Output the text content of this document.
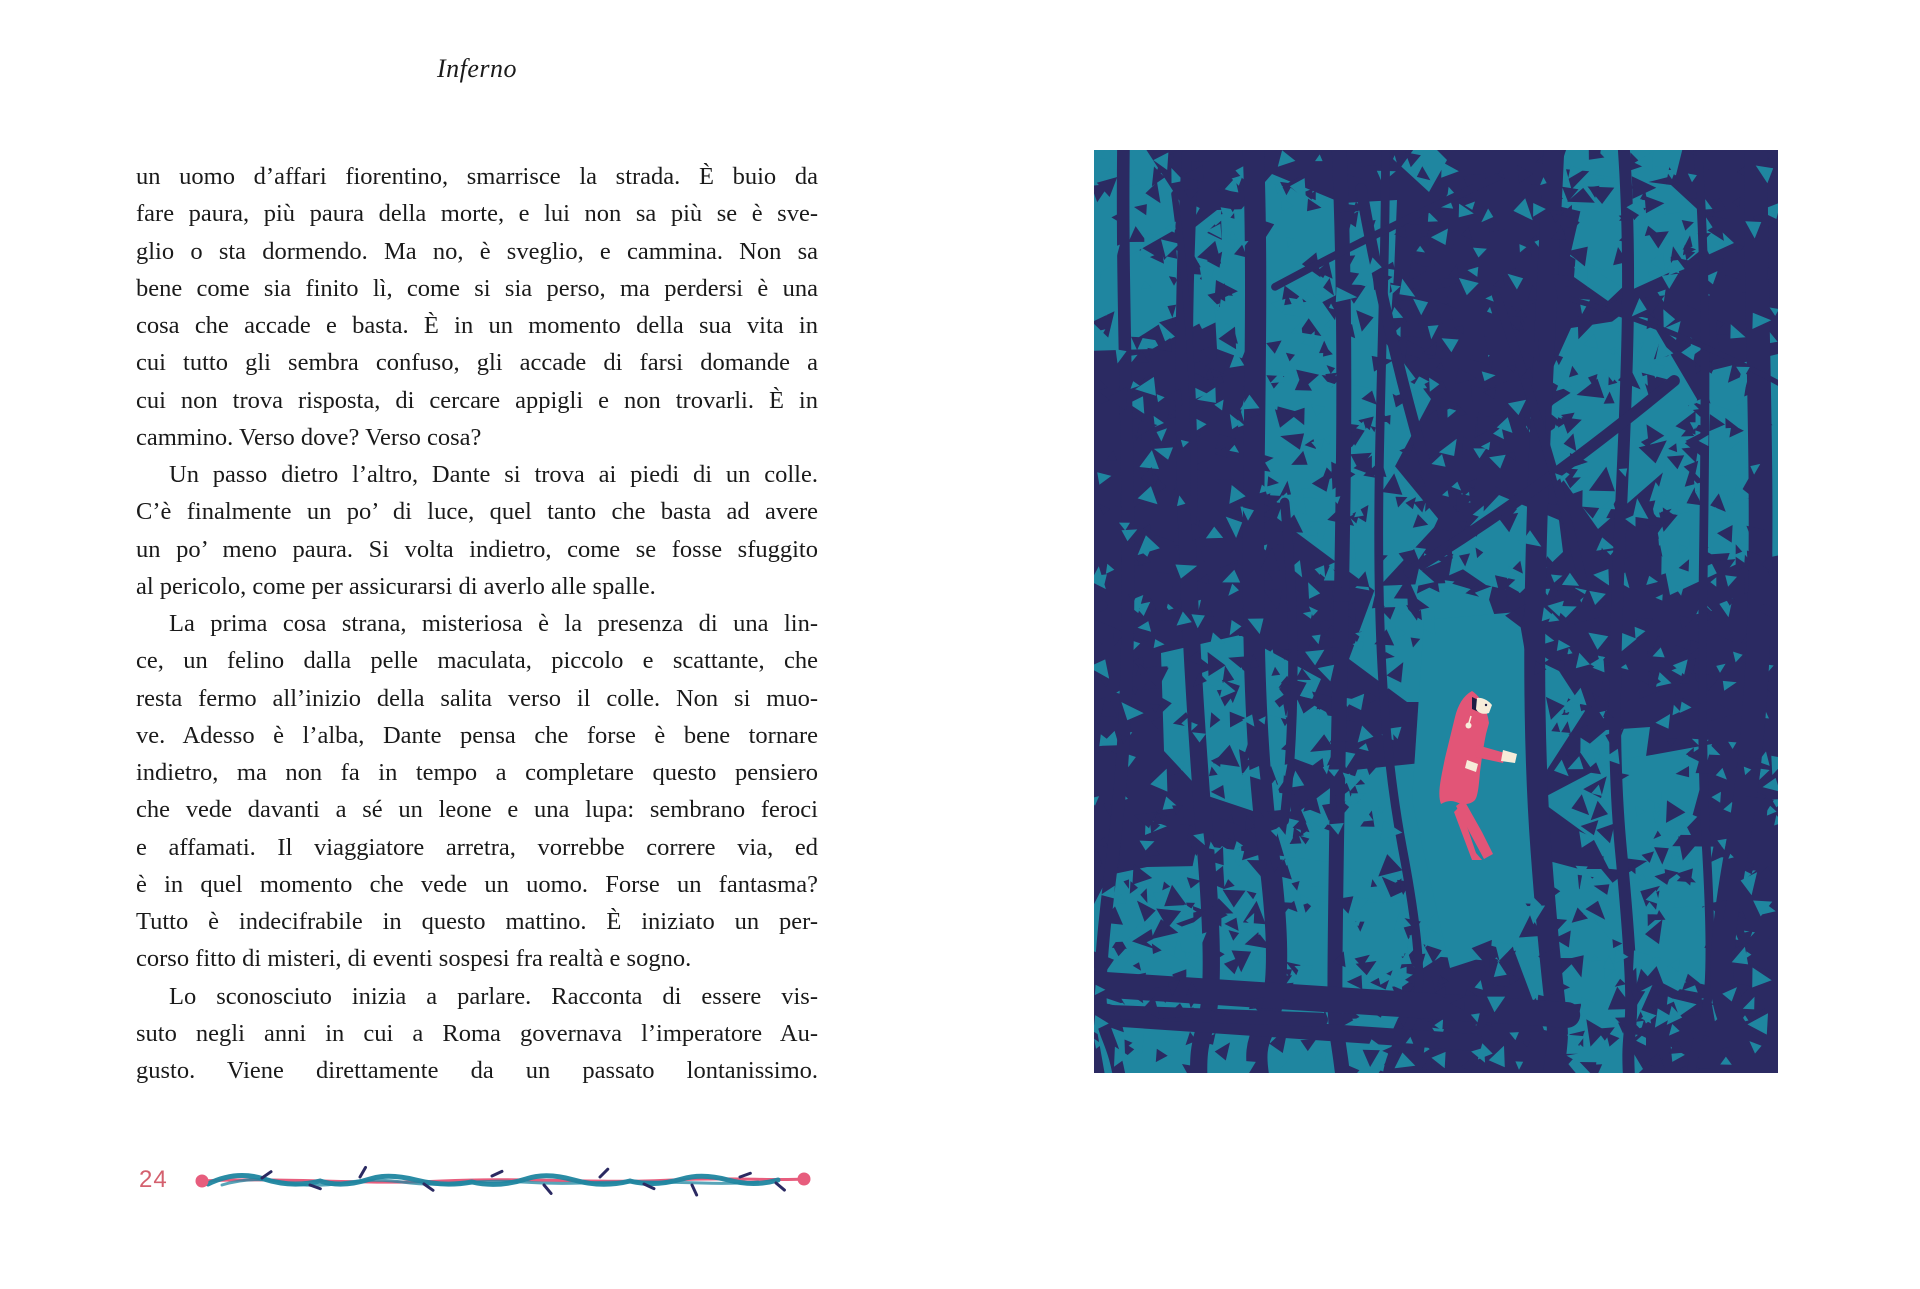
Inferno
un uomo d’affari fiorentino, smarrisce la strada. È buio da
fare paura, più paura della morte, e lui non sa più se è sve-
glio o sta dormendo. Ma no, è sveglio, e cammina. Non sa
bene come sia finito lì, come si sia perso, ma perdersi è una
cosa che accade e basta. È in un momento della sua vita in
cui tutto gli sembra confuso, gli accade di farsi domande a
cui non trova risposta, di cercare appigli e non trovarli. È in
cammino. Verso dove? Verso cosa?
Un passo dietro l’altro, Dante si trova ai piedi di un colle.
C’è finalmente un po’ di luce, quel tanto che basta ad avere
un po’ meno paura. Si volta indietro, come se fosse sfuggito
al pericolo, come per assicurarsi di averlo alle spalle.
La prima cosa strana, misteriosa è la presenza di una lin-
ce, un felino dalla pelle maculata, piccolo e scattante, che
resta fermo all’inizio della salita verso il colle. Non si muo-
ve. Adesso è l’alba, Dante pensa che forse è bene tornare
indietro, ma non fa in tempo a completare questo pensiero
che vede davanti a sé un leone e una lupa: sembrano feroci
e affamati. Il viaggiatore arretra, vorrebbe correre via, ed
è in quel momento che vede un uomo. Forse un fantasma?
Tutto è indecifrabile in questo mattino. È iniziato un per-
corso fitto di misteri, di eventi sospesi fra realtà e sogno.
Lo sconosciuto inizia a parlare. Racconta di essere vis-
suto negli anni in cui a Roma governava l’imperatore Au-
gusto. Viene direttamente da un passato lontanissimo.
24
